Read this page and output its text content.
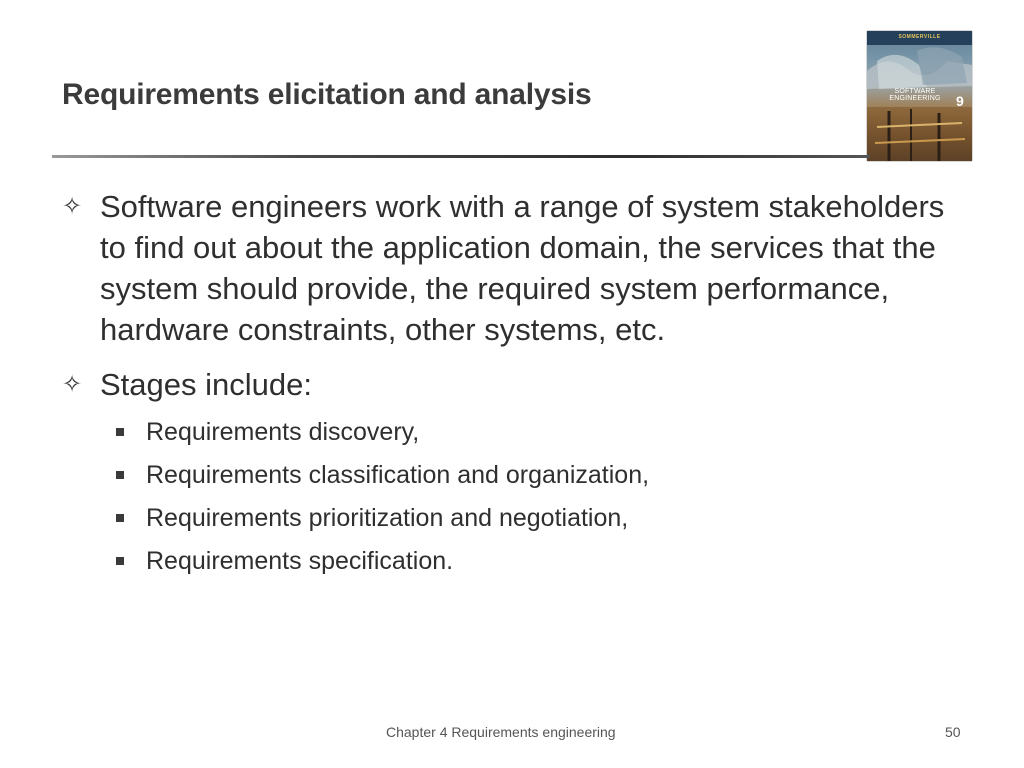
Requirements elicitation and analysis
SOMMERVILLE
SOFTWARE ENGINEERING	9

✧ Software engineers work with a range of system stakeholders to find out about the application domain, the services that the system should provide, the required system performance, hardware constraints, other systems, etc.

✧ Stages include:

Requirements discovery,
Requirements classification and organization,
Requirements prioritization and negotiation,
Requirements specification.
Chapter 4 Requirements engineering	50
